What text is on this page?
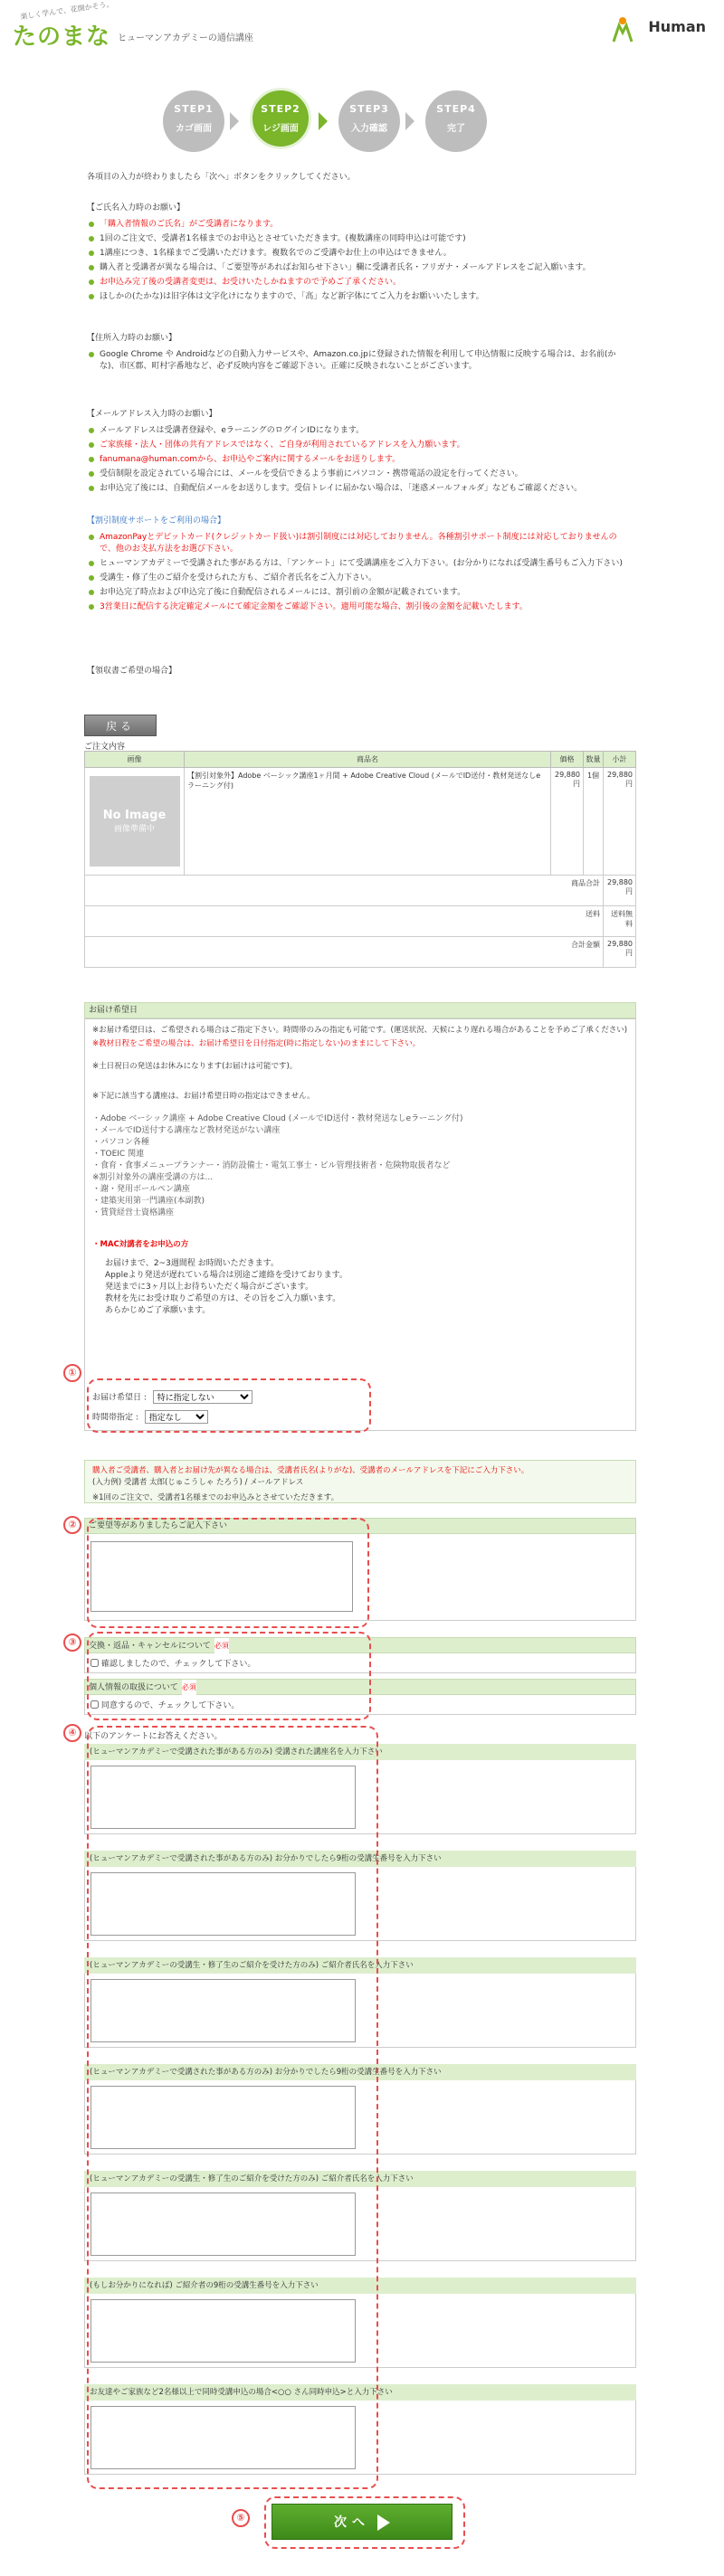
楽しく学んで、花開かそう。
たのまな ヒューマンアカデミーの通信講座
Human
STEP1
カゴ画面
STEP2
レジ画面
STEP3
入力確認
STEP4
完了
各項目の入力が終わりましたら「次へ」ボタンをクリックしてください。
【ご氏名入力時のお願い】
「購入者情報のご氏名」がご受講者になります。
1回のご注文で、受講者1名様までのお申込とさせていただきます。(複数講座の同時申込は可能です)
1講座につき、1名様までご受講いただけます。複数名でのご受講やお仕上の申込はできません。
購入者と受講者が異なる場合は、「ご要望等があればお知らせ下さい」欄に受講者氏名・フリガナ・メールアドレスをご記入願います。
お申込み完了後の受講者変更は、お受けいたしかねますので予めご了承ください。
ほしかの(たかな)は旧字体は文字化けになりますので、「高」など新字体にてご入力をお願いいたします。
【住所入力時のお願い】
Google Chrome や Androidなどの自動入力サービスや、Amazon.co.jpに登録された情報を利用して申込情報に反映する場合は、お名前(かな)、市区郡、町村字番地など、必ず反映内容をご確認下さい。正確に反映されないことがございます。
【メールアドレス入力時のお願い】
メールアドレスは受講者登録や、eラーニングのログインIDになります。
ご家族様・法人・団体の共有アドレスではなく、ご自身が利用されているアドレスを入力願います。
fanumana@human.comから、お申込やご案内に関するメールをお送りします。
受信制限を設定されている場合には、メールを受信できるよう事前にパソコン・携帯電話の設定を行ってください。
お申込完了後には、自動配信メールをお送りします。受信トレイに届かない場合は、「迷惑メールフォルダ」などもご確認ください。
【割引制度サポートをご利用の場合】
AmazonPayとデビットカード(クレジットカード扱い)は割引制度には対応しておりません。各種割引サポート制度には対応しておりませんので、他のお支払方法をお選び下さい。
ヒューマンアカデミーで受講された事がある方は、「アンケート」にて受講講座をご入力下さい。(お分かりになれば受講生番号もご入力下さい)
受講生・修了生のご紹介を受けられた方も、ご紹介者氏名をご入力下さい。
お申込完了時点および申込完了後に自動配信されるメールには、割引前の金額が記載されています。
3営業日に配信する決定確定メールにて確定金額をご確認下さい。適用可能な場合、割引後の金額を記載いたします。
【領収書ご希望の場合】
戻る
ご注文内容
画像	商品名	価格	数量	小計

No Image
画像準備中	【割引対象外】Adobe ベーシック講座1ヶ月間 + Adobe Creative Cloud (メールでID送付・教材発送なしeラーニング付)	29,880円	1個	29,880円
商品合計				29,880円
送料				送料無料
合計金額				29,880円
お届け希望日

※お届け希望日は、ご希望される場合はご指定下さい。時間帯のみの指定も可能です。(運送状況、天候により遅れる場合があることを予めご了承ください)

※教材日程をご希望の場合は、お届け希望日を日付指定(時に指定しない)のままにして下さい。

※土日祝日の発送はお休みになります(お届けは可能です)。

※下記に該当する講座は、お届け希望日時の指定はできません。

・Adobe ベーシック講座 + Adobe Creative Cloud (メールでID送付・教材発送なしeラーニング付)
・メールでID送付する講座など教材発送がない講座
・パソコン各種
・TOEIC 関連
・食育・食事メニュープランナー・消防設備士・電気工事士・ビル管理技術者・危険物取扱者など
※割引対象外の講座受講の方は...
・謝・発用ボールペン講座
・建築実用第一門講座(本副教)
・賃貸経営士資格講座

・MAC対講者をお申込の方

お届けまで、2~3週間程 お時間いただきます。
Appleより発送が遅れている場合は別途ご連絡を受けております。
発送までに3ヶ月以上お待ちいただく場合がございます。
教材を先にお受け取りご希望の方は、その旨をご入力願います。
あらかじめご了承願います。
お届け希望日 :
特に指定しない
時間帯指定 :
指定なし
①

購入者ご受講者、購入者とお届け先が異なる場合は、受講者氏名(よりがな)、受講者のメールアドレスを下記にご入力下さい。

(入力例) 受講者 太郎(じゅこうしゃ たろう) / メールアドレス

※1回のご注文で、受講者1名様までのお申込みとさせていただきます。

ご要望等がありましたらご記入下さい
②
交換・返品・キャンセルについて 必須
確認しましたので、チェックして下さい。
個人情報の取扱について 必須
同意するので、チェックして下さい。
③
以下のアンケートにお答えください。
(ヒューマンアカデミーで受講された事がある方のみ) 受講された講座名を入力下さい
(ヒューマンアカデミーで受講された事がある方のみ) お分かりでしたら9桁の受講生番号を入力下さい
(ヒューマンアカデミーの受講生・修了生のご紹介を受けた方のみ) ご紹介者氏名を入力下さい
(ヒューマンアカデミーで受講された事がある方のみ) お分かりでしたら9桁の受講生番号を入力下さい
(ヒューマンアカデミーの受講生・修了生のご紹介を受けた方のみ) ご紹介者氏名を入力下さい
(もしお分かりになれば) ご紹介者の9桁の受講生番号を入力下さい
お友達やご家族など2名様以上で同時受講申込の場合<○○ さん同時申込>と入力下さい
④
次へ
⑤
